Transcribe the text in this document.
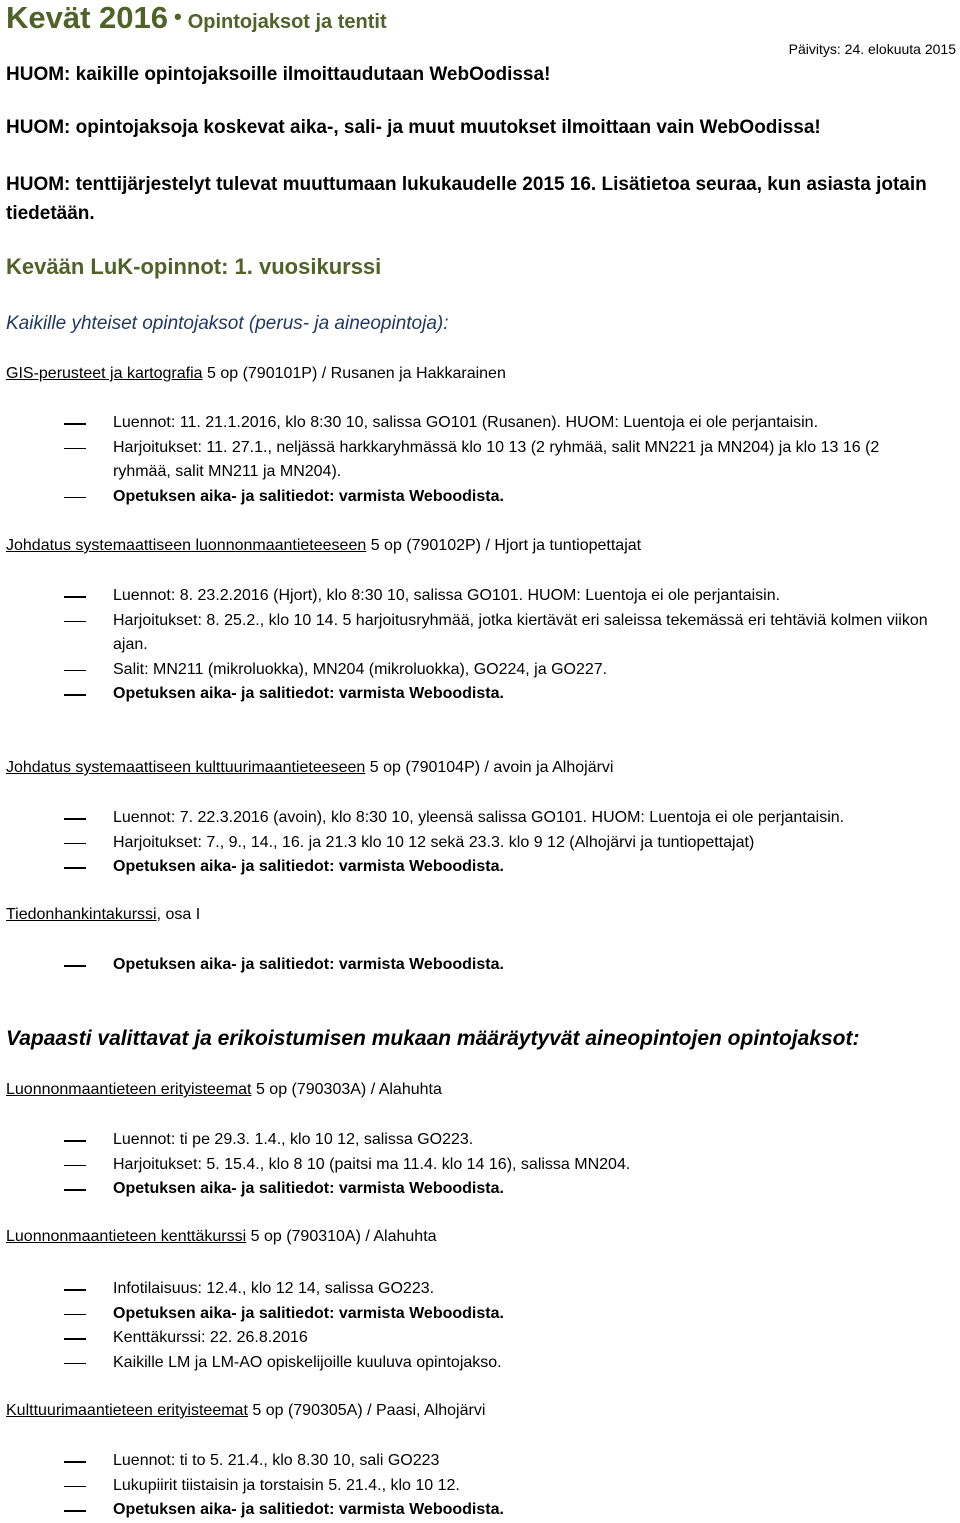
Kevät 2016 • Opintojaksot ja tentit
Päivitys: 24. elokuuta 2015

HUOM: kaikille opintojaksoille ilmoittaudutaan WebOodissa!

HUOM: opintojaksoja koskevat aika-, sali- ja muut muutokset ilmoittaan vain WebOodissa!

HUOM: tenttijärjestelyt tulevat muuttumaan lukukaudelle 2015 16. Lisätietoa seuraa, kun asiasta jotain tiedetään.

Kevään LuK-opinnot: 1. vuosikurssi

Kaikille yhteiset opintojaksot (perus- ja aineopintoja):

GIS-perusteet ja kartografia 5 op (790101P) / Rusanen ja Hakkarainen

Luennot: 11. 21.1.2016, klo 8:30 10, salissa GO101 (Rusanen). HUOM: Luentoja ei ole perjantaisin.
Harjoitukset: 11. 27.1., neljässä harkkaryhmässä klo 10 13 (2 ryhmää, salit MN221 ja MN204) ja klo 13 16 (2 ryhmää, salit MN211 ja MN204).
Opetuksen aika- ja salitiedot: varmista Weboodista.

Johdatus systemaattiseen luonnonmaantieteeseen 5 op (790102P) / Hjort ja tuntiopettajat

Luennot: 8. 23.2.2016 (Hjort), klo 8:30 10, salissa GO101. HUOM: Luentoja ei ole perjantaisin.
Harjoitukset: 8. 25.2., klo 10 14. 5 harjoitusryhmää, jotka kiertävät eri saleissa tekemässä eri tehtäviä kolmen viikon ajan.
Salit: MN211 (mikroluokka), MN204 (mikroluokka), GO224, ja GO227.
Opetuksen aika- ja salitiedot: varmista Weboodista.

Johdatus systemaattiseen kulttuurimaantieteeseen 5 op (790104P) / avoin ja Alhojärvi

Luennot: 7. 22.3.2016 (avoin), klo 8:30 10, yleensä salissa GO101. HUOM: Luentoja ei ole perjantaisin.
Harjoitukset: 7., 9., 14., 16. ja 21.3 klo 10 12 sekä 23.3. klo 9 12 (Alhojärvi ja tuntiopettajat)
Opetuksen aika- ja salitiedot: varmista Weboodista.

Tiedonhankintakurssi, osa I

Opetuksen aika- ja salitiedot: varmista Weboodista.

Vapaasti valittavat ja erikoistumisen mukaan määräytyvät aineopintojen opintojaksot:

Luonnonmaantieteen erityisteemat 5 op (790303A) / Alahuhta

Luennot: ti pe 29.3. 1.4., klo 10 12, salissa GO223.
Harjoitukset: 5. 15.4., klo 8 10 (paitsi ma 11.4. klo 14 16), salissa MN204.
Opetuksen aika- ja salitiedot: varmista Weboodista.

Luonnonmaantieteen kenttäkurssi 5 op (790310A) / Alahuhta

Infotilaisuus: 12.4., klo 12 14, salissa GO223.
Opetuksen aika- ja salitiedot: varmista Weboodista.
Kenttäkurssi: 22. 26.8.2016
Kaikille LM ja LM-AO opiskelijoille kuuluva opintojakso.

Kulttuurimaantieteen erityisteemat 5 op (790305A) / Paasi, Alhojärvi

Luennot: ti to 5. 21.4., klo 8.30 10, sali GO223
Lukupiirit tiistaisin ja torstaisin 5. 21.4., klo 10 12.
Opetuksen aika- ja salitiedot: varmista Weboodista.
